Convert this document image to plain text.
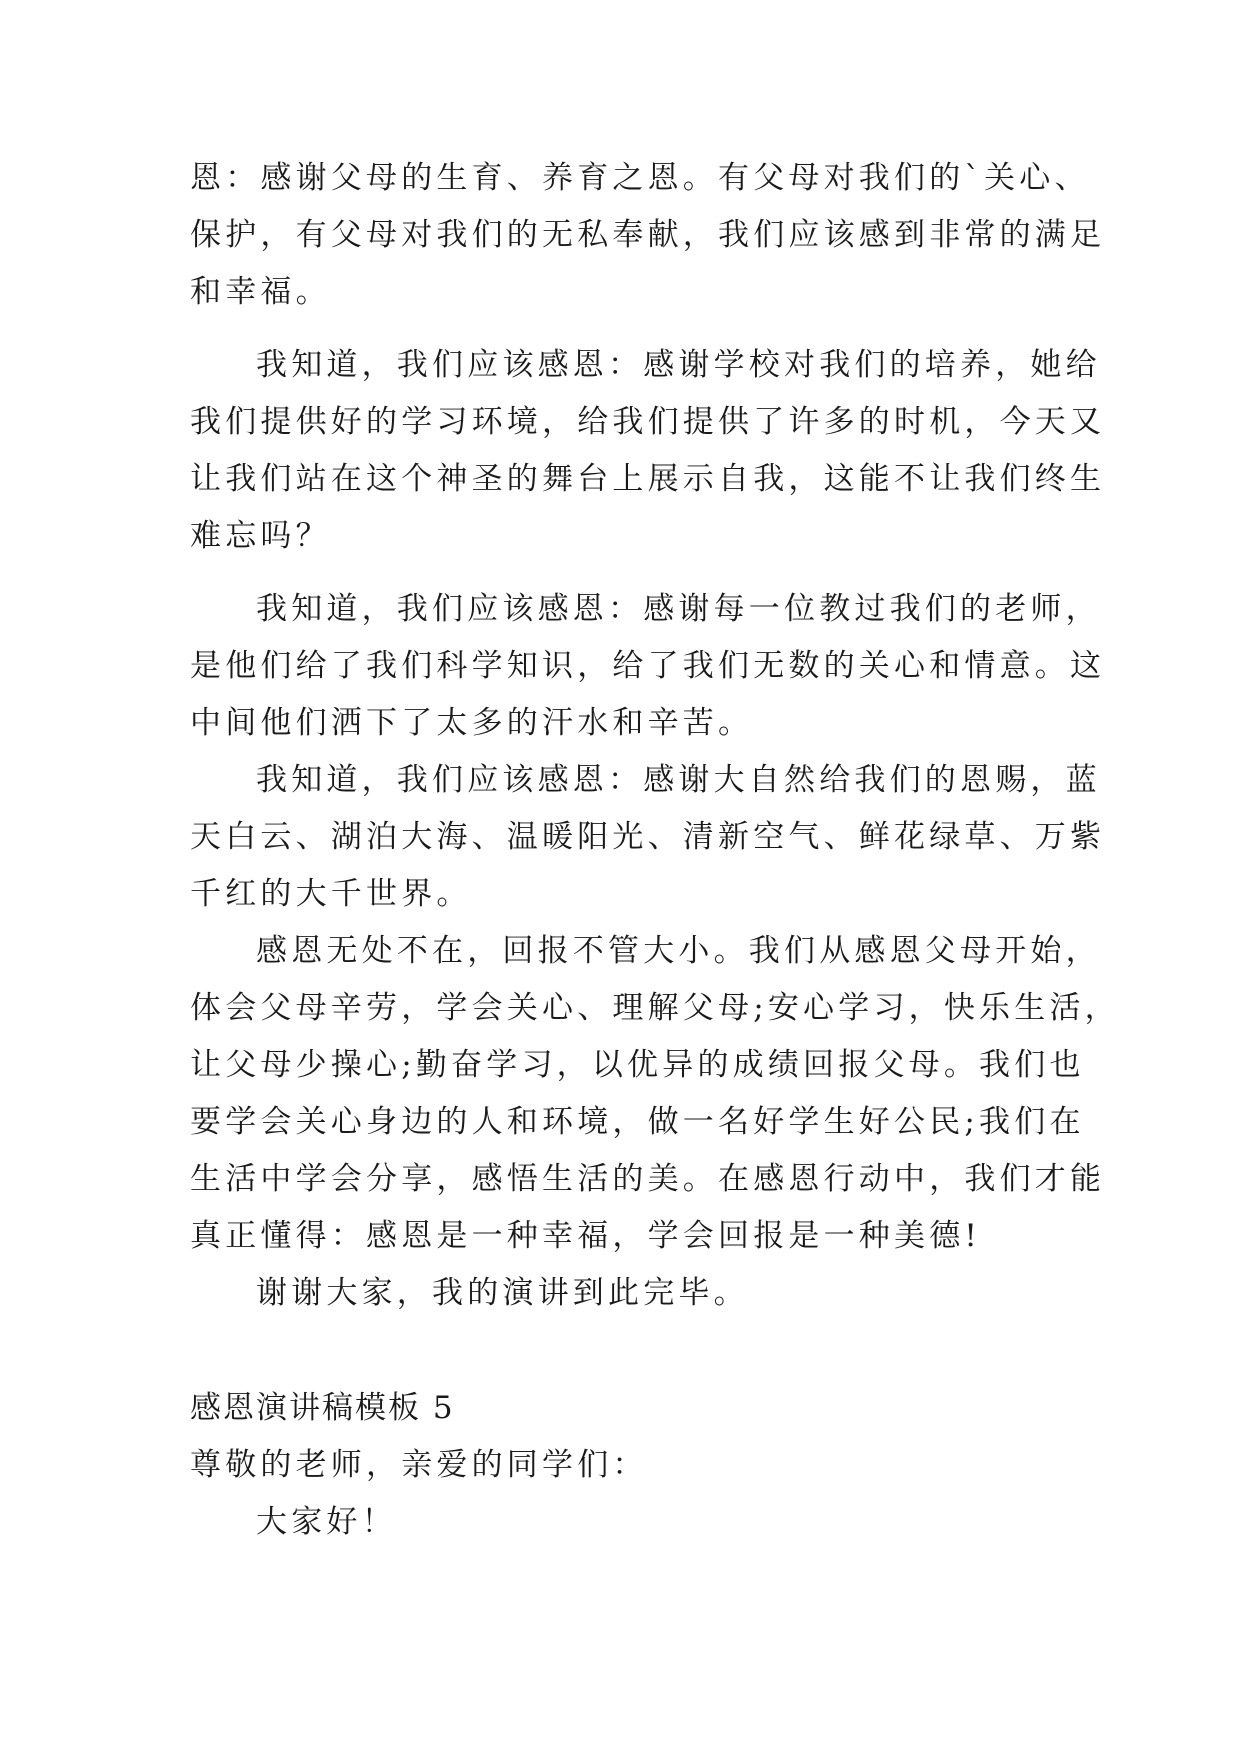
恩：感谢父母的生育、养育之恩。有父母对我们的`关心、
保护，有父母对我们的无私奉献，我们应该感到非常的满足
和幸福。
我知道，我们应该感恩：感谢学校对我们的培养，她给
我们提供好的学习环境，给我们提供了许多的时机，今天又
让我们站在这个神圣的舞台上展示自我，这能不让我们终生
难忘吗？
我知道，我们应该感恩：感谢每一位教过我们的老师，
是他们给了我们科学知识，给了我们无数的关心和情意。这
中间他们洒下了太多的汗水和辛苦。
我知道，我们应该感恩：感谢大自然给我们的恩赐，蓝
天白云、湖泊大海、温暖阳光、清新空气、鲜花绿草、万紫
千红的大千世界。
感恩无处不在，回报不管大小。我们从感恩父母开始，
体会父母辛劳，学会关心、理解父母;安心学习，快乐生活，
让父母少操心;勤奋学习，以优异的成绩回报父母。我们也
要学会关心身边的人和环境，做一名好学生好公民;我们在
生活中学会分享，感悟生活的美。在感恩行动中，我们才能
真正懂得：感恩是一种幸福，学会回报是一种美德!
谢谢大家，我的演讲到此完毕。
感恩演讲稿模板 5
尊敬的老师，亲爱的同学们：
大家好！
